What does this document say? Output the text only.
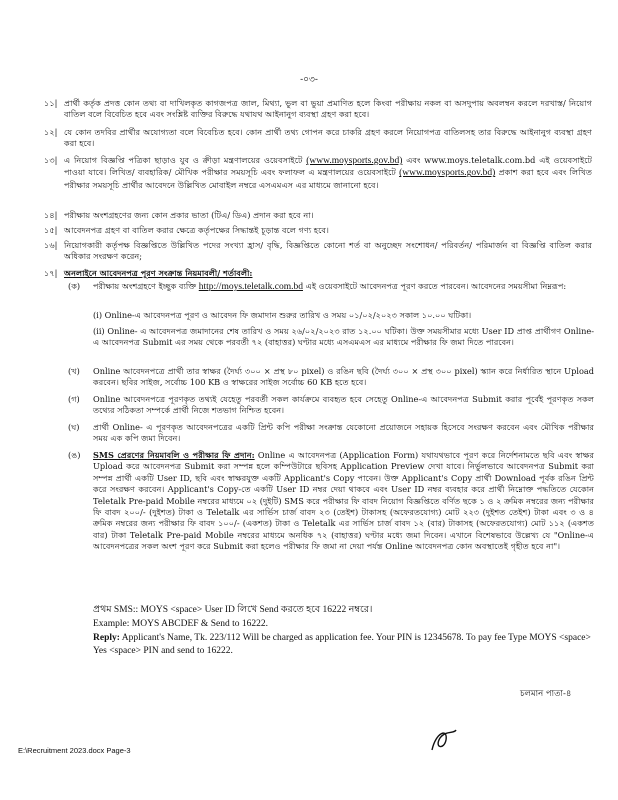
-০৩-
১১| প্রার্থী কর্তৃক প্রদত্ত কোন তথ্য বা দাখিলকৃত কাগজপত্র জাল, মিথ্যা, ভুল বা ভুয়া প্রমাণিত হলে কিংবা পরীক্ষায় নকল বা অসদুপায় অবলম্বন করলে দরখাস্ত/ নিয়োগ বাতিল বলে বিবেচিত হবে এবং সংশ্লিষ্ট ব্যক্তির বিরুদ্ধে যথাযথ আইনানুগ ব্যবস্থা গ্রহণ করা হবে।
১২| যে কোন তদবির প্রার্থীর অযোগ্যতা বলে বিবেচিত হবে। কোন প্রার্থী তথ্য গোপন করে চাকরি গ্রহণ করলে নিয়োগপত্র বাতিলসহ তার বিরুদ্ধে আইনানুগ ব্যবস্থা গ্রহণ করা হবে।
১৩| এ নিয়োগ বিজ্ঞপ্তি পত্রিকা ছাড়াও যুব ও ক্রীড়া মন্ত্রণালয়ের ওয়েবসাইটে (www.moysports.gov.bd) এবং www.moys.teletalk.com.bd এই ওয়েবসাইটে পাওয়া যাবে। লিখিত/ ব্যবহারিক/ মৌখিক পরীক্ষার সময়সূচি এবং ফলাফল এ মন্ত্রণালয়ের ওয়েবসাইটে (www.moysports.gov.bd) প্রকাশ করা হবে এবং লিখিত পরীক্ষার সময়সূচি প্রার্থীর আবেদনে উল্লিখিত মোবাইল নম্বরে এসএমএস এর মাধ্যমে জানানো হবে।
১৪| পরীক্ষায় অংশগ্রহণের জন্য কোন প্রকার ভাতা (টিএ/ ডিএ) প্রদান করা হবে না।
১৫| আবেদনপত্র গ্রহণ বা বাতিল করার ক্ষেত্রে কর্তৃপক্ষের সিদ্ধান্তই চূড়ান্ত বলে গণ্য হবে।
১৬| নিয়োগকারী কর্তৃপক্ষ বিজ্ঞপ্তিতে উল্লিখিত পদের সংখ্যা হ্রাস/ বৃদ্ধি, বিজ্ঞপ্তিতে কোনো শর্ত বা অনুচ্ছেদ সংশোধন/ পরিবর্তন/ পরিমার্জন বা বিজ্ঞপ্তি বাতিল করার অধিকার সংরক্ষণ করেন;
১৭| অনলাইনে আবেদনপত্র পূরণ সংক্রান্ত নিয়মাবলী/ শর্তাবলী:
(ক)	পরীক্ষায় অংশগ্রহণে ইচ্ছুক ব্যক্তি http://moys.teletalk.com.bd এই ওয়েবসাইটে আবেদনপত্র পূরণ করতে পারবেন। আবেদনের সময়সীমা নিম্নরূপ:
(i) Online-এ আবেদনপত্র পূরণ ও আবেদন ফি জমাদান শুরুর তারিখ ও সময় ০১/০২/২০২৩ সকাল ১০.০০ ঘটিকা।
(ii) Online- এ আবেদনপত্র জমাদানের শেষ তারিখ ও সময় ২৬/০২/২০২৩ রাত ১২.০০ ঘটিকা। উক্ত সময়সীমার মধ্যে User ID প্রাপ্ত প্রার্থীগণ Online- এ আবেদনপত্র Submit এর সময় থেকে পরবর্তী ৭২ (বাহাত্তর) ঘণ্টার মধ্যে এসএমএস এর মাধ্যমে পরীক্ষার ফি জমা দিতে পারবেন।
(খ)	Online আবেদনপত্রে প্রার্থী তার স্বাক্ষর (দৈর্ঘ্য ৩০০ × প্রস্থ ৮০ pixel) ও রঙিন ছবি (দৈর্ঘ্য ৩০০ × প্রস্থ ৩০০ pixel) স্ক্যান করে নির্ধারিত স্থানে Upload করবেন। ছবির সাইজ, সর্বোচ্চ 100 KB ও স্বাক্ষরের সাইজ সর্বোচ্চ 60 KB হতে হবে।
(গ)	Online আবেদনপত্রে পূরণকৃত তথ্যই যেহেতু পরবর্তী সকল কার্যক্রমে ব্যবহৃত হবে সেহেতু Online-এ আবেদনপত্র Submit করার পূর্বেই পূরণকৃত সকল তথ্যের সঠিকতা সম্পর্কে প্রার্থী নিজে শতভাগ নিশ্চিত হবেন।
(ঘ)	প্রার্থী Online- এ পূরণকৃত আবেদনপত্রের একটি প্রিন্ট কপি পরীক্ষা সংক্রান্ত যেকোনো প্রয়োজনে সহায়ক হিসেবে সংরক্ষণ করবেন এবং মৌখিক পরীক্ষার সময় এক কপি জমা দিবেন।
(ঙ)	SMS প্রেরণের নিয়মাবলি ও পরীক্ষার ফি প্রদান: Online এ আবেদনপত্র (Application Form) যথাযথভাবে পূরণ করে নির্দেশনামতে ছবি এবং স্বাক্ষর Upload করে আবেদনপত্র Submit করা সম্পন্ন হলে কম্পিউটারে ছবিসহ Application Preview দেখা যাবে। নির্ভুলভাবে আবেদনপত্র Submit করা সম্পন্ন প্রার্থী একটি User ID, ছবি এবং স্বাক্ষরযুক্ত একটি Applicant's Copy পাবেন। উক্ত Applicant's Copy প্রার্থী Download পূর্বক রঙিন প্রিন্ট করে সংরক্ষণ করবেন। Applicant's Copy-তে একটি User ID নম্বর দেয়া থাকবে এবং User ID নম্বর ব্যবহার করে প্রার্থী নিম্নোক্ত পদ্ধতিতে যেকোন Teletalk Pre-paid Mobile নম্বরের মাধ্যমে ০২ (দুইটি) SMS করে পরীক্ষার ফি বাবদ নিয়োগ বিজ্ঞপ্তিতে বর্ণিত ছকে ১ ও ২ ক্রমিক নম্বরের জন্য পরীক্ষার ফি বাবদ ২০০/- (দুইশত) টাকা ও Teletalk এর সার্ভিস চার্জ বাবদ ২৩ (তেইশ) টাকাসহ (অফেরতযোগ্য) মোট ২২৩ (দুইশত তেইশ) টাকা এবং ৩ ও ৪ ক্রমিক নম্বরের জন্য পরীক্ষার ফি বাবদ ১০০/- (একশত) টাকা ও Teletalk এর সার্ভিস চার্জ বাবদ ১২ (বার) টাকাসহ (অফেরতযোগ্য) মোট ১১২ (একশত বার) টাকা Teletalk Pre-paid Mobile নম্বরের মাধ্যমে অনধিক ৭২ (বাহাত্তর) ঘণ্টার মধ্যে জমা দিবেন। এখানে বিশেষভাবে উল্লেখ্য যে "Online-এ আবেদনপত্রের সকল অংশ পূরণ করে Submit করা হলেও পরীক্ষার ফি জমা না দেয়া পর্যন্ত Online আবেদনপত্র কোন অবস্থাতেই গৃহীত হবে না"।
প্রথম SMS:: MOYS <space> User ID লিখে Send করতে হবে 16222 নম্বরে।
Example: MOYS ABCDEF & Send to 16222.
Reply: Applicant's Name, Tk. 223/112 Will be charged as application fee. Your PIN is 12345678. To pay fee Type MOYS <space> Yes <space> PIN and send to 16222.
চলমান পাতা-৪
E:\Recruitment 2023.docx Page-3
